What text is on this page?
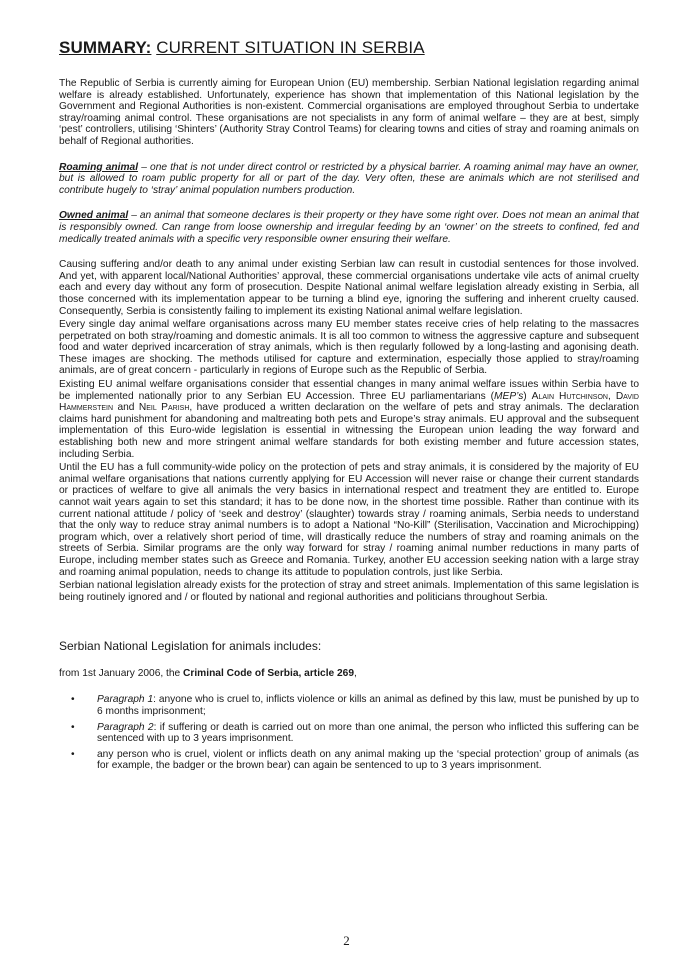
SUMMARY: CURRENT SITUATION IN SERBIA

The Republic of Serbia is currently aiming for European Union (EU) membership. Serbian National legislation regarding animal welfare is already established. Unfortunately, experience has shown that implementation of this National legislation by the Government and Regional Authorities is non-existent. Commercial organisations are employed throughout Serbia to undertake stray/roaming animal control. These organisations are not specialists in any form of animal welfare – they are at best, simply ‘pest’ controllers, utilising ‘Shinters’ (Authority Stray Control Teams) for clearing towns and cities of stray and roaming animals on behalf of Regional authorities.

Roaming animal – one that is not under direct control or restricted by a physical barrier. A roaming animal may have an owner, but is allowed to roam public property for all or part of the day. Very often, these are animals which are not sterilised and contribute hugely to ‘stray’ animal population numbers production.

Owned animal – an animal that someone declares is their property or they have some right over. Does not mean an animal that is responsibly owned. Can range from loose ownership and irregular feeding by an ‘owner’ on the streets to confined, fed and medically treated animals with a specific very responsible owner ensuring their welfare.

Causing suffering and/or death to any animal under existing Serbian law can result in custodial sentences for those involved. And yet, with apparent local/National Authorities’ approval, these commercial organisations undertake vile acts of animal cruelty each and every day without any form of prosecution. Despite National animal welfare legislation already existing in Serbia, all those concerned with its implementation appear to be turning a blind eye, ignoring the suffering and inherent cruelty caused. Consequently, Serbia is consistently failing to implement its existing National animal welfare legislation.

Every single day animal welfare organisations across many EU member states receive cries of help relating to the massacres perpetrated on both stray/roaming and domestic animals. It is all too common to witness the aggressive capture and subsequent food and water deprived incarceration of stray animals, which is then regularly followed by a long-lasting and agonising death. These images are shocking. The methods utilised for capture and extermination, especially those applied to stray/roaming animals, are of great concern - particularly in regions of Europe such as the Republic of Serbia.

Existing EU animal welfare organisations consider that essential changes in many animal welfare issues within Serbia have to be implemented nationally prior to any Serbian EU Accession. Three EU parliamentarians (MEP’s) Alain Hutchinson, David Hammerstein and Neil Parish, have produced a written declaration on the welfare of pets and stray animals. The declaration claims hard punishment for abandoning and maltreating both pets and Europe’s stray animals. EU approval and the subsequent implementation of this Euro-wide legislation is essential in witnessing the European union leading the way forward and establishing both new and more stringent animal welfare standards for both existing member and future accession states, including Serbia.

Until the EU has a full community-wide policy on the protection of pets and stray animals, it is considered by the majority of EU animal welfare organisations that nations currently applying for EU Accession will never raise or change their current standards or practices of welfare to give all animals the very basics in international respect and treatment they are entitled to. Europe cannot wait years again to set this standard; it has to be done now, in the shortest time possible. Rather than continue with its current national attitude / policy of ‘seek and destroy’ (slaughter) towards stray / roaming animals, Serbia needs to understand that the only way to reduce stray animal numbers is to adopt a National “No-Kill” (Sterilisation, Vaccination and Microchipping) program which, over a relatively short period of time, will drastically reduce the numbers of stray and roaming animals on the streets of Serbia. Similar programs are the only way forward for stray / roaming animal number reductions in many parts of Europe, including member states such as Greece and Romania. Turkey, another EU accession seeking nation with a large stray and roaming animal population, needs to change its attitude to population controls, just like Serbia.

Serbian national legislation already exists for the protection of stray and street animals. Implementation of this same legislation is being routinely ignored and / or flouted by national and regional authorities and politicians throughout Serbia.

Serbian National Legislation for animals includes:
from 1st January 2006, the Criminal Code of Serbia, article 269,
• Paragraph 1: anyone who is cruel to, inflicts violence or kills an animal as defined by this law, must be punished by up to 6 months imprisonment;
• Paragraph 2: if suffering or death is carried out on more than one animal, the person who inflicted this suffering can be sentenced with up to 3 years imprisonment.
• any person who is cruel, violent or inflicts death on any animal making up the ‘special protection’ group of animals (as for example, the badger or the brown bear) can again be sentenced to up to 3 years imprisonment.
2
